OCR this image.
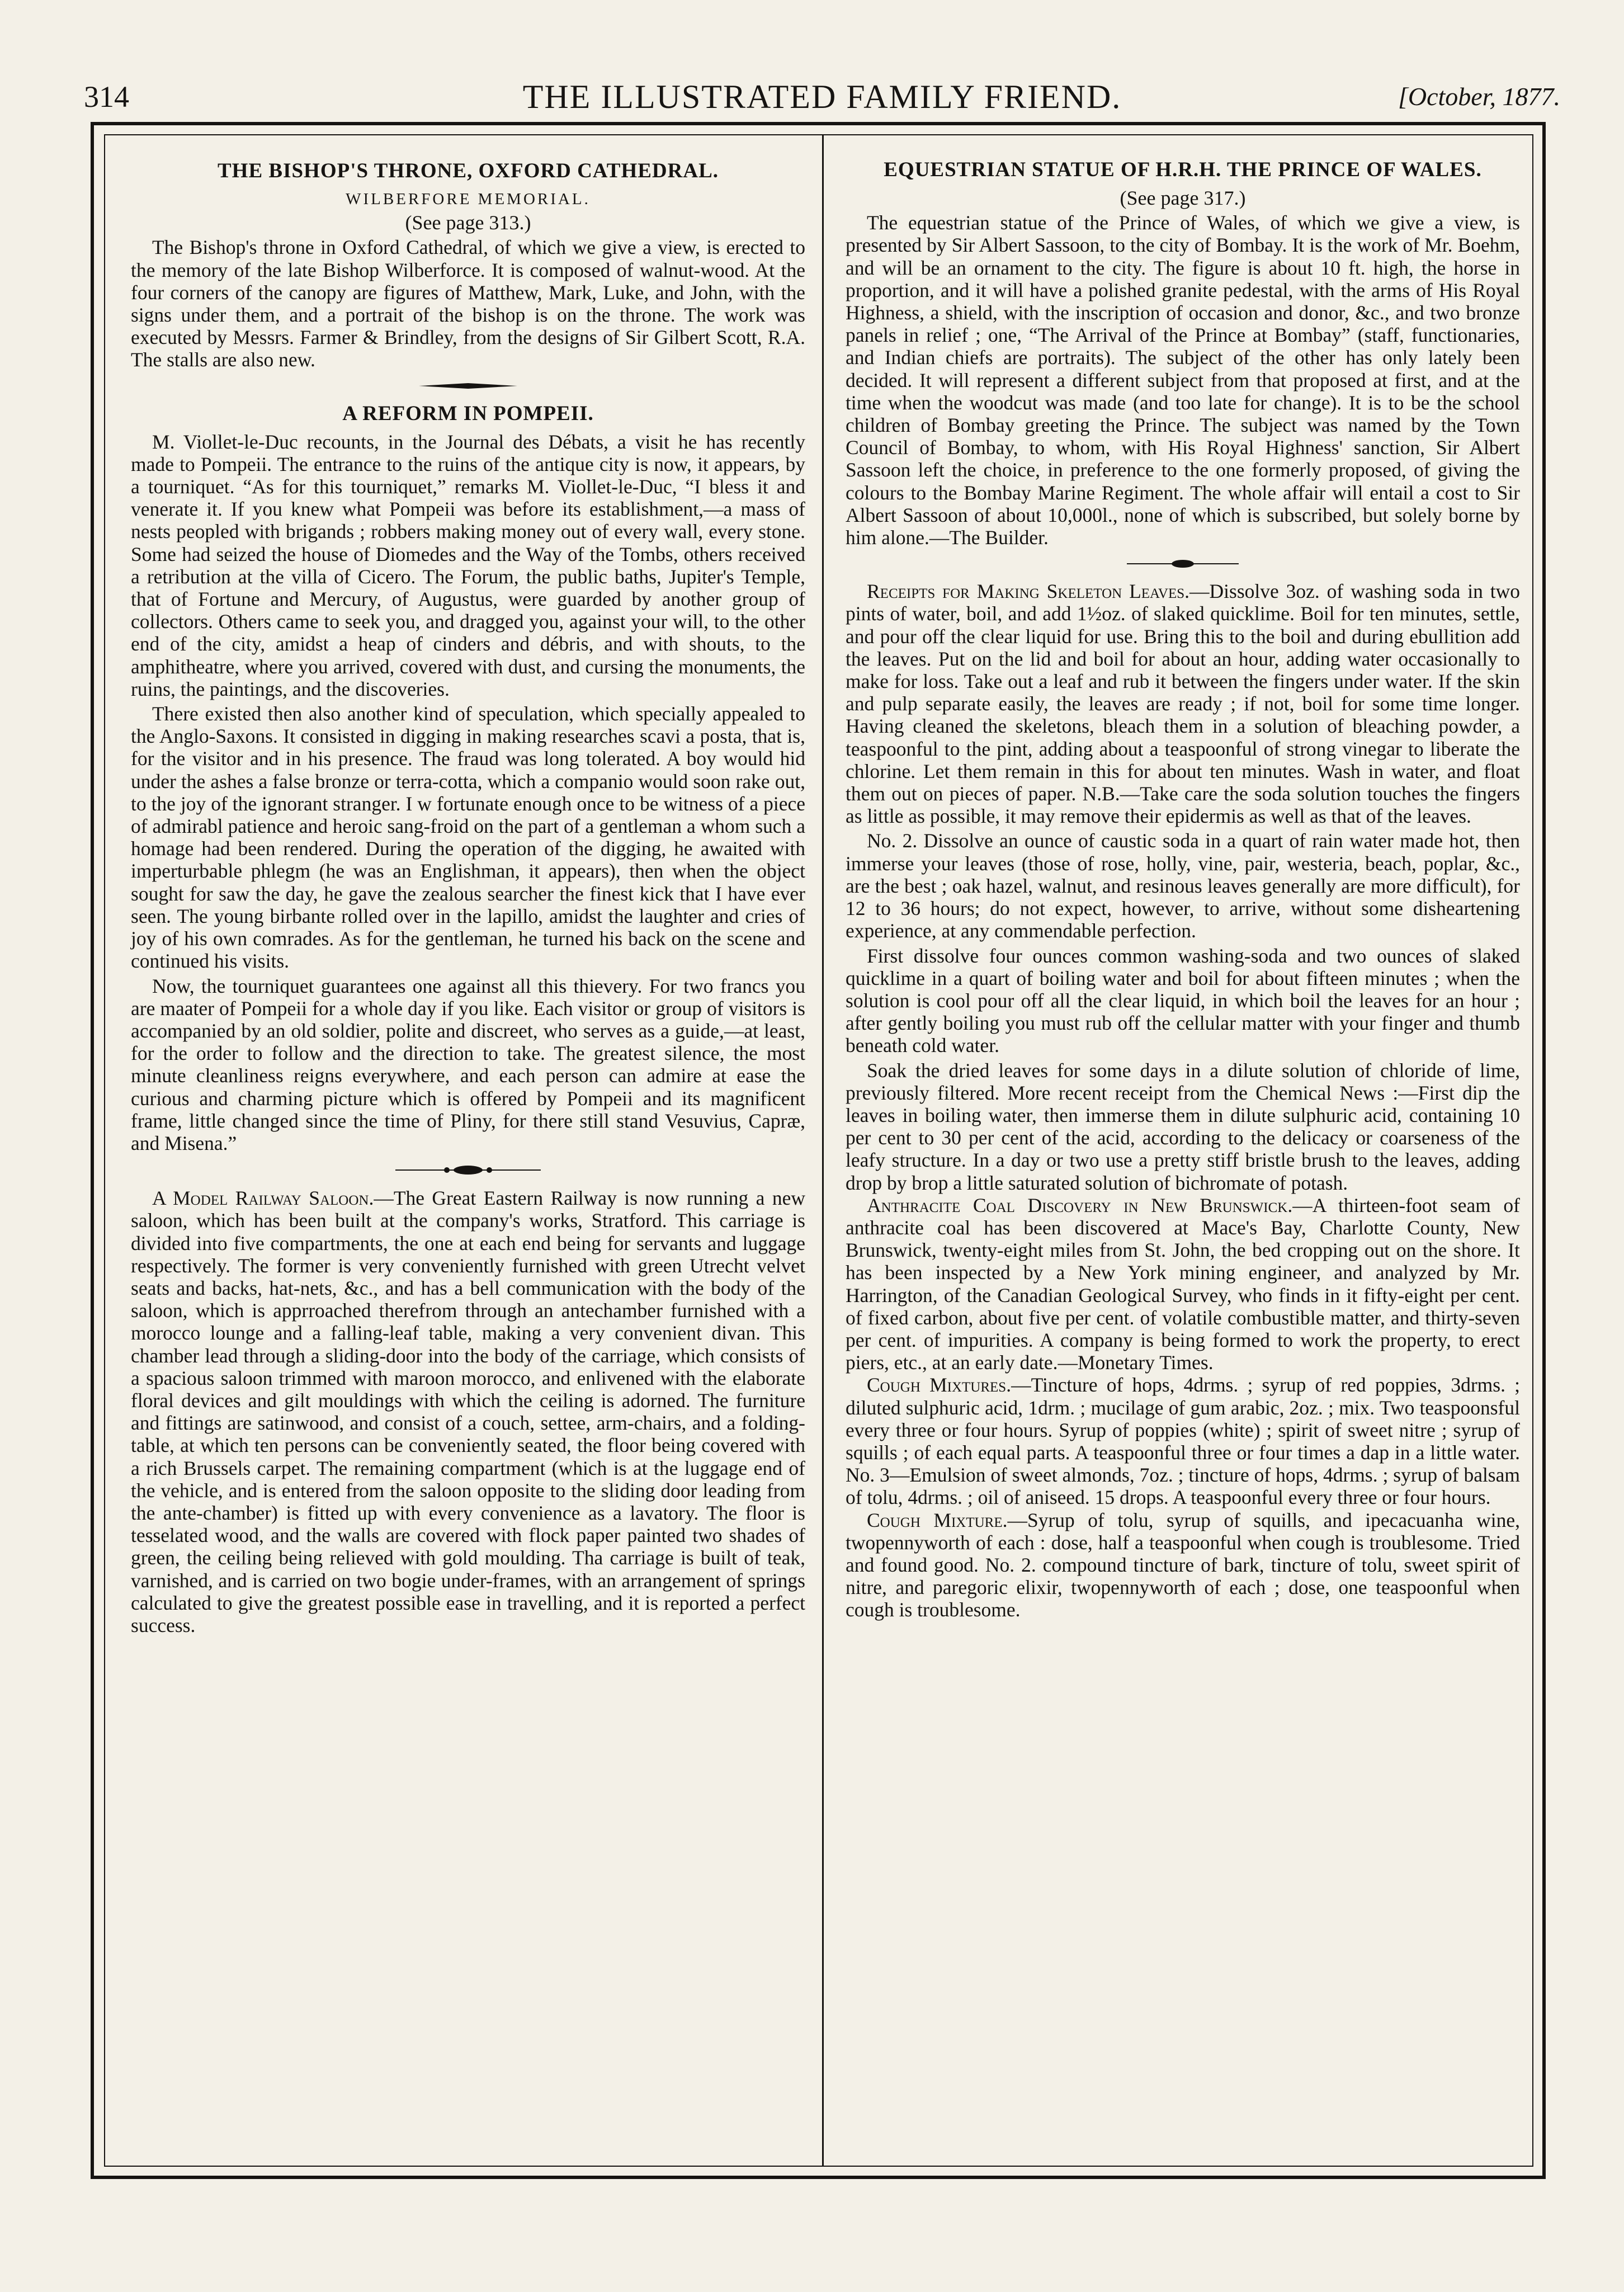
314	THE ILLUSTRATED FAMILY FRIEND.	[October, 1877.
THE BISHOP'S THRONE, OXFORD CATHEDRAL.

WILBERFORE MEMORIAL.

(See page 313.)

The Bishop's throne in Oxford Cathedral, of which we give a view, is erected to the memory of the late Bishop Wilberforce. It is composed of walnut-wood. At the four corners of the canopy are figures of Matthew, Mark, Luke, and John, with the signs under them, and a portrait of the bishop is on the throne. The work was executed by Messrs. Farmer & Brindley, from the designs of Sir Gilbert Scott, R.A. The stalls are also new.

A REFORM IN POMPEII.

M. Viollet-le-Duc recounts, in the Journal des Débats, a visit he has recently made to Pompeii. The entrance to the ruins of the antique city is now, it appears, by a tourniquet. “As for this tourniquet,” remarks M. Viollet-le-Duc, “I bless it and venerate it. If you knew what Pompeii was before its establishment,—a mass of nests peopled with brigands ; robbers making money out of every wall, every stone. Some had seized the house of Diomedes and the Way of the Tombs, others received a retribution at the villa of Cicero. The Forum, the public baths, Jupiter's Temple, that of Fortune and Mercury, of Augustus, were guarded by another group of collectors. Others came to seek you, and dragged you, against your will, to the other end of the city, amidst a heap of cinders and débris, and with shouts, to the amphitheatre, where you arrived, covered with dust, and cursing the monuments, the ruins, the paintings, and the discoveries.

There existed then also another kind of speculation, which specially appealed to the Anglo-Saxons. It consisted in digging in making researches scavi a posta, that is, for the visitor and in his presence. The fraud was long tolerated. A boy would hid under the ashes a false bronze or terra-cotta, which a companio would soon rake out, to the joy of the ignorant stranger. I w fortunate enough once to be witness of a piece of admirabl patience and heroic sang-froid on the part of a gentleman a whom such a homage had been rendered. During the operation of the digging, he awaited with imperturbable phlegm (he was an Englishman, it appears), then when the object sought for saw the day, he gave the zealous searcher the finest kick that I have ever seen. The young birbante rolled over in the lapillo, amidst the laughter and cries of joy of his own comrades. As for the gentleman, he turned his back on the scene and continued his visits.

Now, the tourniquet guarantees one against all this thievery. For two francs you are maater of Pompeii for a whole day if you like. Each visitor or group of visitors is accompanied by an old soldier, polite and discreet, who serves as a guide,—at least, for the order to follow and the direction to take. The greatest silence, the most minute cleanliness reigns everywhere, and each person can admire at ease the curious and charming picture which is offered by Pompeii and its magnificent frame, little changed since the time of Pliny, for there still stand Vesuvius, Capræ, and Misena.”

A Model Railway Saloon.—The Great Eastern Railway is now running a new saloon, which has been built at the company's works, Stratford. This carriage is divided into five compartments, the one at each end being for servants and luggage respectively. The former is very conveniently furnished with green Utrecht velvet seats and backs, hat-nets, &c., and has a bell communication with the body of the saloon, which is apprroached therefrom through an antechamber furnished with a morocco lounge and a falling-leaf table, making a very convenient divan. This chamber lead through a sliding-door into the body of the carriage, which consists of a spacious saloon trimmed with maroon morocco, and enlivened with the elaborate floral devices and gilt mouldings with which the ceiling is adorned. The furniture and fittings are satinwood, and consist of a couch, settee, arm-chairs, and a folding-table, at which ten persons can be conveniently seated, the floor being covered with a rich Brussels carpet. The remaining compartment (which is at the luggage end of the vehicle, and is entered from the saloon opposite to the sliding door leading from the ante-chamber) is fitted up with every convenience as a lavatory. The floor is tesselated wood, and the walls are covered with flock paper painted two shades of green, the ceiling being relieved with gold moulding. Tha carriage is built of teak, varnished, and is carried on two bogie under-frames, with an arrangement of springs calculated to give the greatest possible ease in travelling, and it is reported a perfect success.

EQUESTRIAN STATUE OF H.R.H. THE PRINCE OF WALES.

(See page 317.)

The equestrian statue of the Prince of Wales, of which we give a view, is presented by Sir Albert Sassoon, to the city of Bombay. It is the work of Mr. Boehm, and will be an ornament to the city. The figure is about 10 ft. high, the horse in proportion, and it will have a polished granite pedestal, with the arms of His Royal Highness, a shield, with the inscription of occasion and donor, &c., and two bronze panels in relief ; one, “The Arrival of the Prince at Bombay” (staff, functionaries, and Indian chiefs are portraits). The subject of the other has only lately been decided. It will represent a different subject from that proposed at first, and at the time when the woodcut was made (and too late for change). It is to be the school children of Bombay greeting the Prince. The subject was named by the Town Council of Bombay, to whom, with His Royal Highness' sanction, Sir Albert Sassoon left the choice, in preference to the one formerly proposed, of giving the colours to the Bombay Marine Regiment. The whole affair will entail a cost to Sir Albert Sassoon of about 10,000l., none of which is subscribed, but solely borne by him alone.—The Builder.

Receipts for Making Skeleton Leaves.—Dissolve 3oz. of washing soda in two pints of water, boil, and add 1½oz. of slaked quicklime. Boil for ten minutes, settle, and pour off the clear liquid for use. Bring this to the boil and during ebullition add the leaves. Put on the lid and boil for about an hour, adding water occasionally to make for loss. Take out a leaf and rub it between the fingers under water. If the skin and pulp separate easily, the leaves are ready ; if not, boil for some time longer. Having cleaned the skeletons, bleach them in a solution of bleaching powder, a teaspoonful to the pint, adding about a teaspoonful of strong vinegar to liberate the chlorine. Let them remain in this for about ten minutes. Wash in water, and float them out on pieces of paper. N.B.—Take care the soda solution touches the fingers as little as possible, it may remove their epidermis as well as that of the leaves.

No. 2. Dissolve an ounce of caustic soda in a quart of rain water made hot, then immerse your leaves (those of rose, holly, vine, pair, westeria, beach, poplar, &c., are the best ; oak hazel, walnut, and resinous leaves generally are more difficult), for 12 to 36 hours; do not expect, however, to arrive, without some disheartening experience, at any commendable perfection.

First dissolve four ounces common washing-soda and two ounces of slaked quicklime in a quart of boiling water and boil for about fifteen minutes ; when the solution is cool pour off all the clear liquid, in which boil the leaves for an hour ; after gently boiling you must rub off the cellular matter with your finger and thumb beneath cold water.

Soak the dried leaves for some days in a dilute solution of chloride of lime, previously filtered. More recent receipt from the Chemical News :—First dip the leaves in boiling water, then immerse them in dilute sulphuric acid, containing 10 per cent to 30 per cent of the acid, according to the delicacy or coarseness of the leafy structure. In a day or two use a pretty stiff bristle brush to the leaves, adding drop by brop a little saturated solution of bichromate of potash.

Anthracite Coal Discovery in New Brunswick.—A thirteen-foot seam of anthracite coal has been discovered at Mace's Bay, Charlotte County, New Brunswick, twenty-eight miles from St. John, the bed cropping out on the shore. It has been inspected by a New York mining engineer, and analyzed by Mr. Harrington, of the Canadian Geological Survey, who finds in it fifty-eight per cent. of fixed carbon, about five per cent. of volatile combustible matter, and thirty-seven per cent. of impurities. A company is being formed to work the property, to erect piers, etc., at an early date.—Monetary Times.

Cough Mixtures.—Tincture of hops, 4drms. ; syrup of red poppies, 3drms. ; diluted sulphuric acid, 1drm. ; mucilage of gum arabic, 2oz. ; mix. Two teaspoonsful every three or four hours. Syrup of poppies (white) ; spirit of sweet nitre ; syrup of squills ; of each equal parts. A teaspoonful three or four times a dap in a little water. No. 3—Emulsion of sweet almonds, 7oz. ; tincture of hops, 4drms. ; syrup of balsam of tolu, 4drms. ; oil of aniseed. 15 drops. A teaspoonful every three or four hours.

Cough Mixture.—Syrup of tolu, syrup of squills, and ipecacuanha wine, twopennyworth of each : dose, half a teaspoonful when cough is troublesome. Tried and found good. No. 2. compound tincture of bark, tincture of tolu, sweet spirit of nitre, and paregoric elixir, twopennyworth of each ; dose, one teaspoonful when cough is troublesome.
